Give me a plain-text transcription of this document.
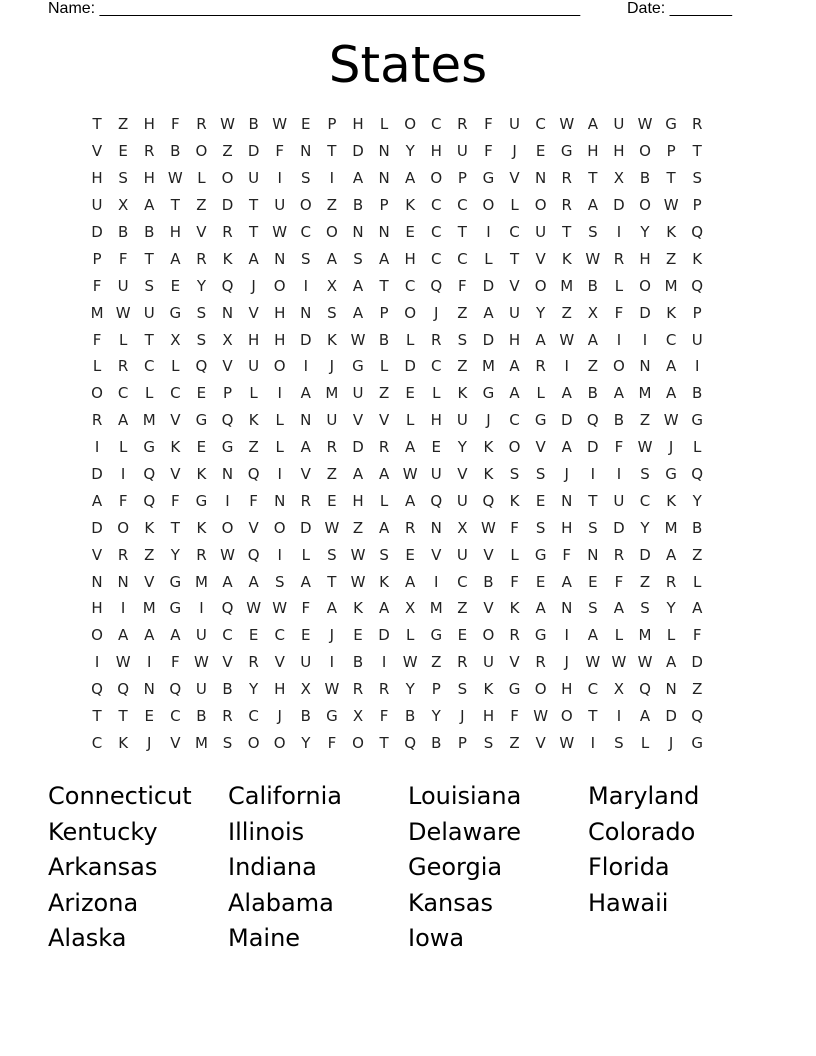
Name: ______________________________________________________	Date: _______
States
T	Z	H	F	R W B W E	P	H	L	O C	R	F	U	C W A	U W G	R
V	E	R	B	O	Z	D	F	N	T	D N	Y	H U	F	J	E	G H H O	P	T
H	S	H W L	O U	I	S	I	A	N	A	O	P	G	V	N	R	T	X	B	T	S
U	X	A	T	Z	D	T	U O	Z	B	P	K	C	C O	L	O R	A	D O W P
D	B	B	H	V	R	T W C O N N	E	C	T	I	C	U	T	S	I	Y	K	Q
P	F	T	A	R	K	A	N	S	A	S	A	H	C	C	L	T	V	K W R	H	Z	K
F	U	S	E	Y	Q	J	O	I	X	A	T	C Q	F	D	V	O M B	L	O M Q
M W U G	S	N	V	H N	S	A	P	O	J	Z	A	U	Y	Z	X	F	D	K	P
F	L	T	X	S	X	H H D	K W B	L	R	S	D H	A W A	I	I	C	U
L	R	C	L	Q	V	U O	I	J	G	L	D	C	Z M A	R	I	Z	O N	A	I
O C	L	C	E	P	L	I	A M U	Z	E	L	K	G	A	L	A	B	A M A	B
R	A M V	G Q	K	L	N U	V	V	L	H U	J	C	G D Q	B	Z W G
I	L	G	K	E	G	Z	L	A	R	D	R	A	E	Y	K	O	V	A	D	F W	J	L
D	I	Q	V	K	N Q	I	V	Z	A	A W U	V	K	S	S	J	I	I	S	G Q
A	F	Q	F	G	I	F	N	R	E	H	L	A	Q U Q	K	E	N	T	U	C	K	Y
D O	K	T	K	O	V	O D W Z	A	R	N	X W F	S	H	S	D	Y	M B
V	R	Z	Y	R W Q	I	L	S W S	E	V	U	V	L	G	F	N	R	D	A	Z
N N	V	G M A	A	S	A	T W K	A	I	C	B	F	E	A	E	F	Z	R	L
H	I	M G	I	Q W W F	A	K	A	X M Z	V	K	A	N	S	A	S	Y	A
O	A	A	A	U	C	E	C	E	J	E	D	L	G	E	O R	G	I	A	L	M	L	F
I	W	I	F W V	R	V	U	I	B	I	W Z	R	U	V	R	J	W W W A	D
Q Q N Q U	B	Y	H	X W R	R	Y	P	S	K	G O H	C	X	Q N	Z
T	T	E	C	B	R	C	J	B	G	X	F	B	Y	J	H	F W O	T	I	A	D Q
C	K	J	V M S	O O	Y	F	O	T	Q	B	P	S	Z	V W	I	S	L	J	G
Connecticut	California	Louisiana	Maryland
Kentucky	Illinois	Delaware	Colorado
Arkansas	Indiana	Georgia	Florida
Arizona	Alabama	Kansas	Hawaii
Alaska	Maine	Iowa
